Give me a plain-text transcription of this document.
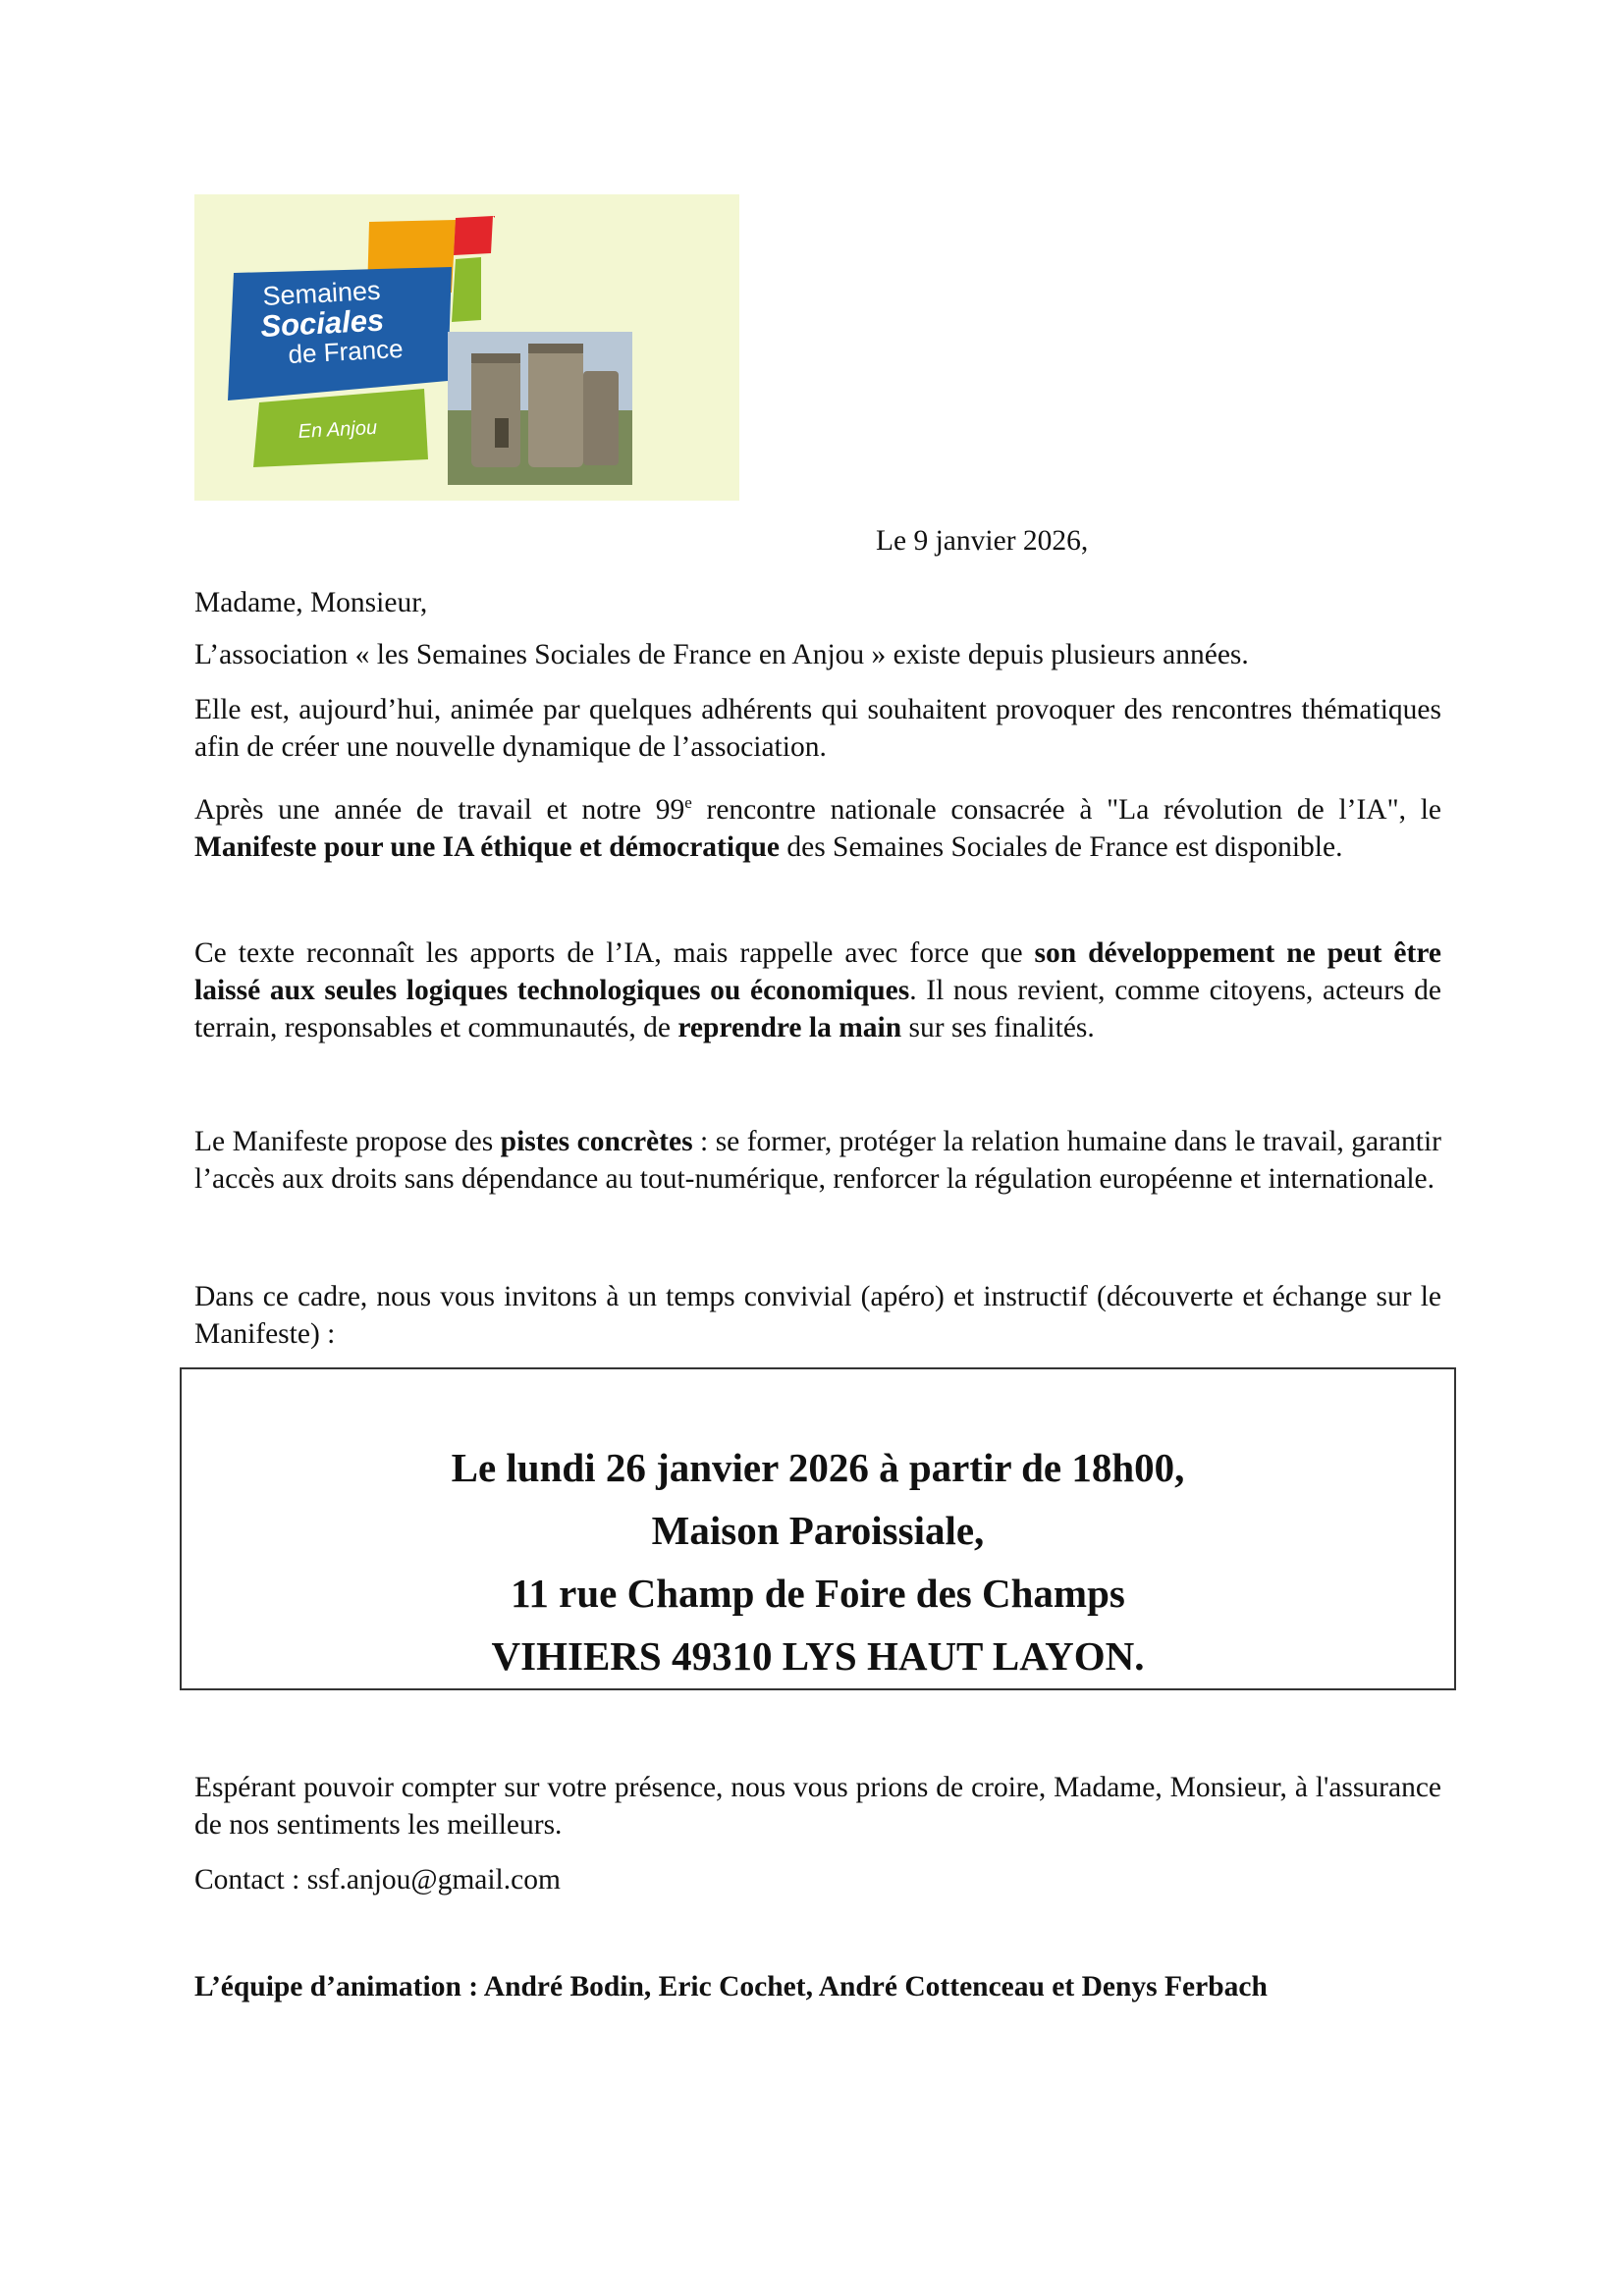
Semaines
Sociales
de France
En Anjou
Le 9 janvier 2026,
Madame, Monsieur,
L’association « les Semaines Sociales de France en Anjou » existe depuis plusieurs années.
Elle est, aujourd’hui, animée par quelques adhérents qui souhaitent provoquer des rencontres thématiques afin de créer une nouvelle dynamique de l’association.
Après une année de travail et notre 99e rencontre nationale consacrée à "La révolution de l’IA", le Manifeste pour une IA éthique et démocratique des Semaines Sociales de France est disponible.
Ce texte reconnaît les apports de l’IA, mais rappelle avec force que son développement ne peut être laissé aux seules logiques technologiques ou économiques. Il nous revient, comme citoyens, acteurs de terrain, responsables et communautés, de reprendre la main sur ses finalités.
Le Manifeste propose des pistes concrètes : se former, protéger la relation humaine dans le travail, garantir l’accès aux droits sans dépendance au tout-numérique, renforcer la régulation européenne et internationale.
Dans ce cadre, nous vous invitons à un temps convivial (apéro) et instructif (découverte et échange sur le Manifeste) :
Le lundi 26 janvier 2026 à partir de 18h00,
Maison Paroissiale,
11 rue Champ de Foire des Champs
VIHIERS 49310 LYS HAUT LAYON.
Espérant pouvoir compter sur votre présence, nous vous prions de croire, Madame, Monsieur, à l'assurance de nos sentiments les meilleurs.
Contact : ssf.anjou@gmail.com
L’équipe d’animation : André Bodin, Eric Cochet, André Cottenceau et Denys Ferbach
